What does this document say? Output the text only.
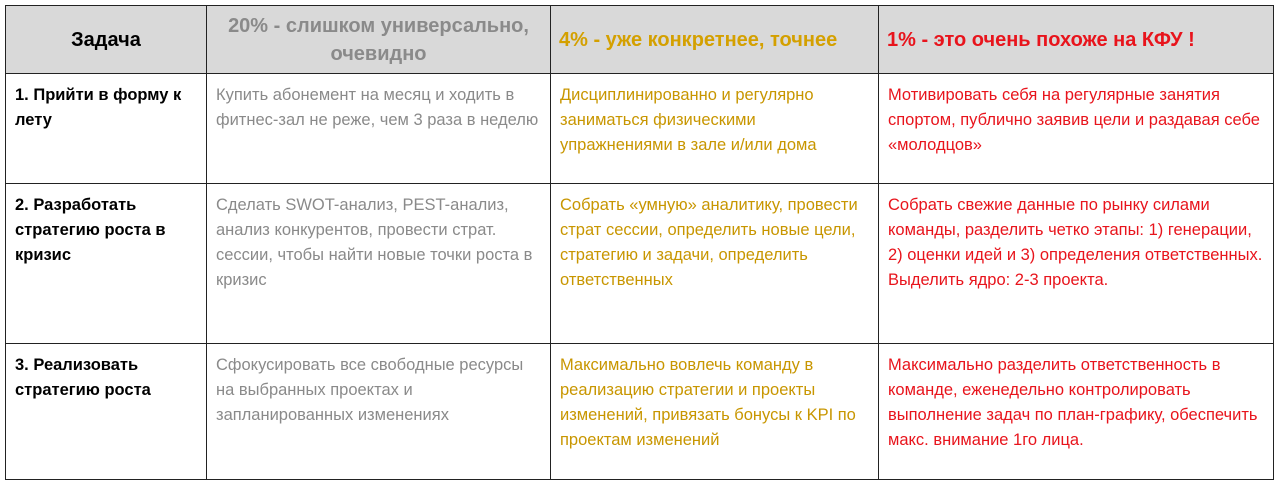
Задача	20% - слишком универсально, очевидно	4% - уже конкретнее, точнее	1% - это очень похоже на КФУ !
1. Прийти в форму к лету	Купить абонемент на месяц и ходить в фитнес-зал не реже, чем 3 раза в неделю	Дисциплинированно и регулярно заниматься физическими упражнениями в зале и/или дома	Мотивировать себя на регулярные занятия спортом, публично заявив цели и раздавая себе «молодцов»
2. Разработать стратегию роста в кризис	Сделать SWOT-анализ, PEST-анализ, анализ конкурентов, провести страт. сессии, чтобы найти новые точки роста в кризис	Собрать «умную» аналитику, провести страт сессии, определить новые цели, стратегию и задачи, определить ответственных	Собрать свежие данные по рынку силами команды, разделить четко этапы: 1) генерации, 2) оценки идей и 3) определения ответственных. Выделить ядро: 2-3 проекта.
3. Реализовать стратегию роста	Сфокусировать все свободные ресурсы на выбранных проектах и запланированных изменениях	Максимально вовлечь команду в реализацию стратегии и проекты изменений, привязать бонусы к KPI по проектам изменений	Максимально разделить ответственность в команде, еженедельно контролировать выполнение задач по план-графику, обеспечить макс. внимание 1го лица.
